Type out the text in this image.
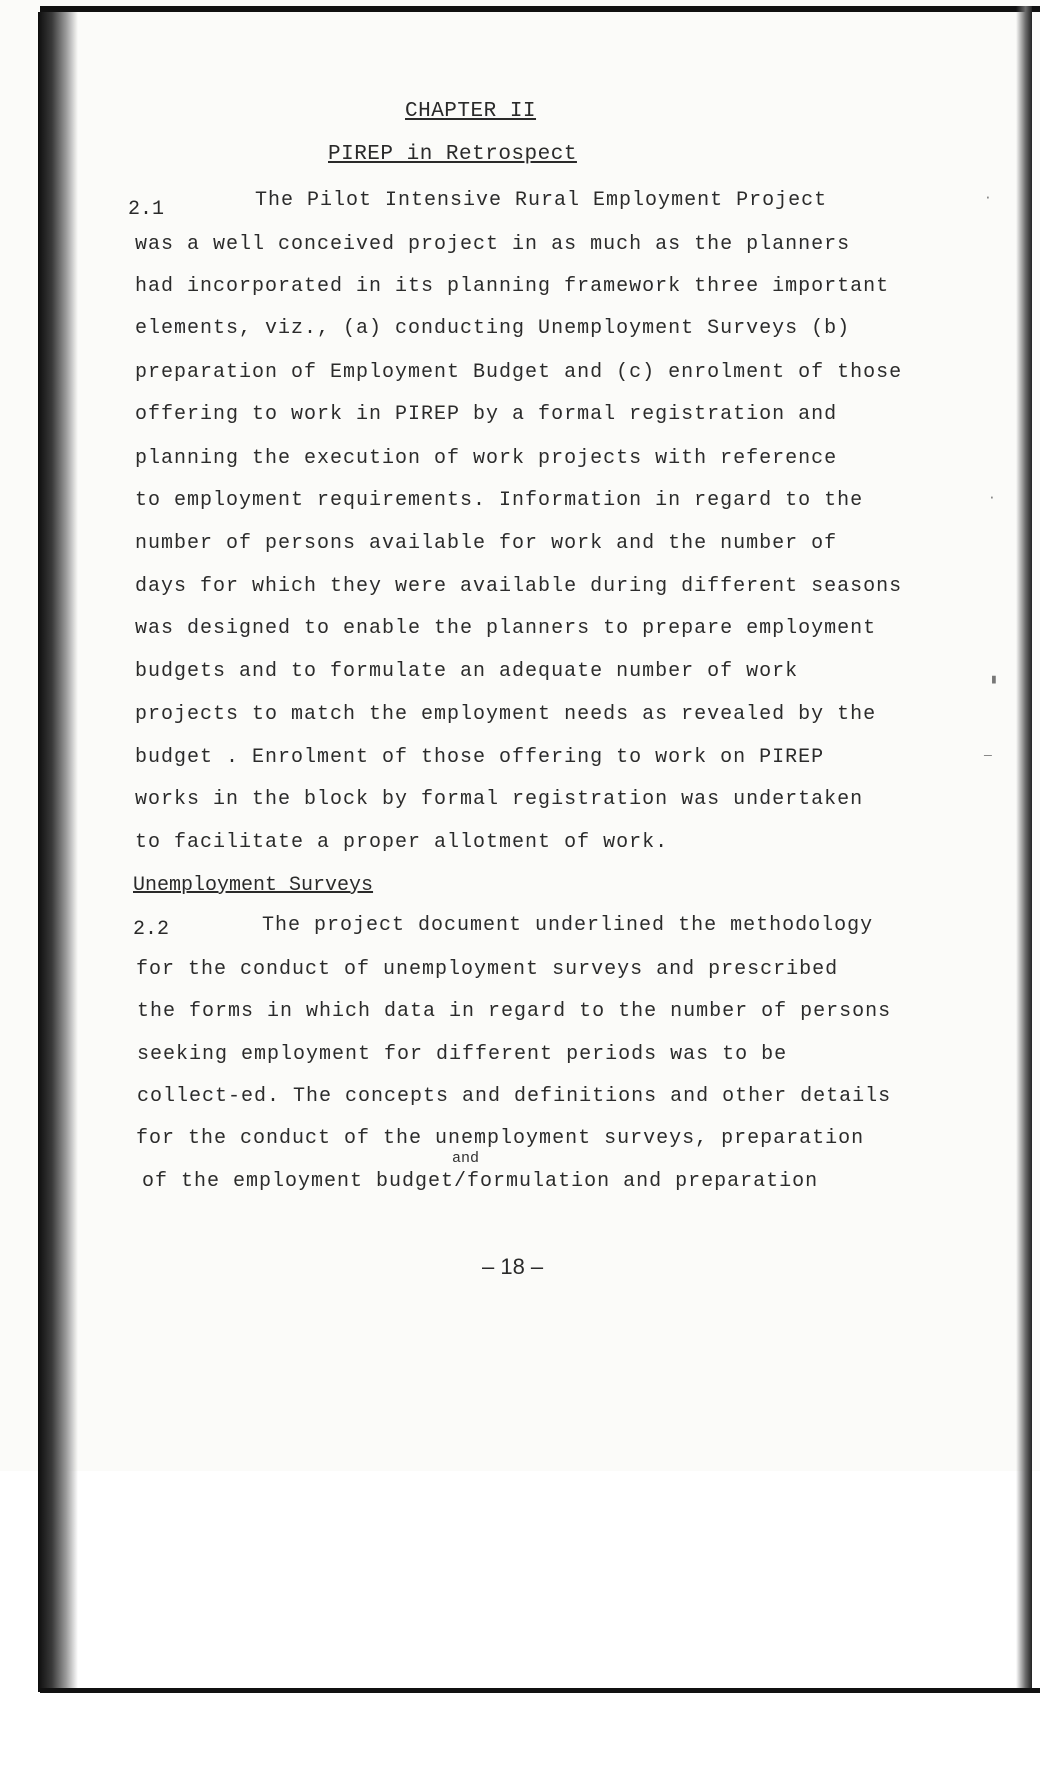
CHAPTER II
PIREP in Retrospect
2.1	The Pilot Intensive Rural Employment Project
was a well conceived project in as much as the planners
had incorporated in its planning framework three important
elements, viz., (a) conducting Unemployment Surveys (b)
preparation of Employment Budget and (c) enrolment of those
offering to work in PIREP by a formal registration and
planning the execution of work projects with reference
to employment requirements. Information in regard to the
number of persons available for work and the number of
days for which they were available during different seasons
was designed to enable the planners to prepare employment
budgets and to formulate an adequate number of work
projects to match the employment needs as revealed by the
budget . Enrolment of those offering to work on PIREP
works in the block by formal registration was undertaken
to facilitate a proper allotment of work.
Unemployment Surveys
2.2	The project document underlined the methodology
for the conduct of unemployment surveys and prescribed
the forms in which data in regard to the number of persons
seeking employment for different periods was to be
collect-ed. The concepts and definitions and other details
for the conduct of the unemployment surveys, preparation
and
of the employment budget/formulation and preparation
– 18 –
·
·
▮
—
